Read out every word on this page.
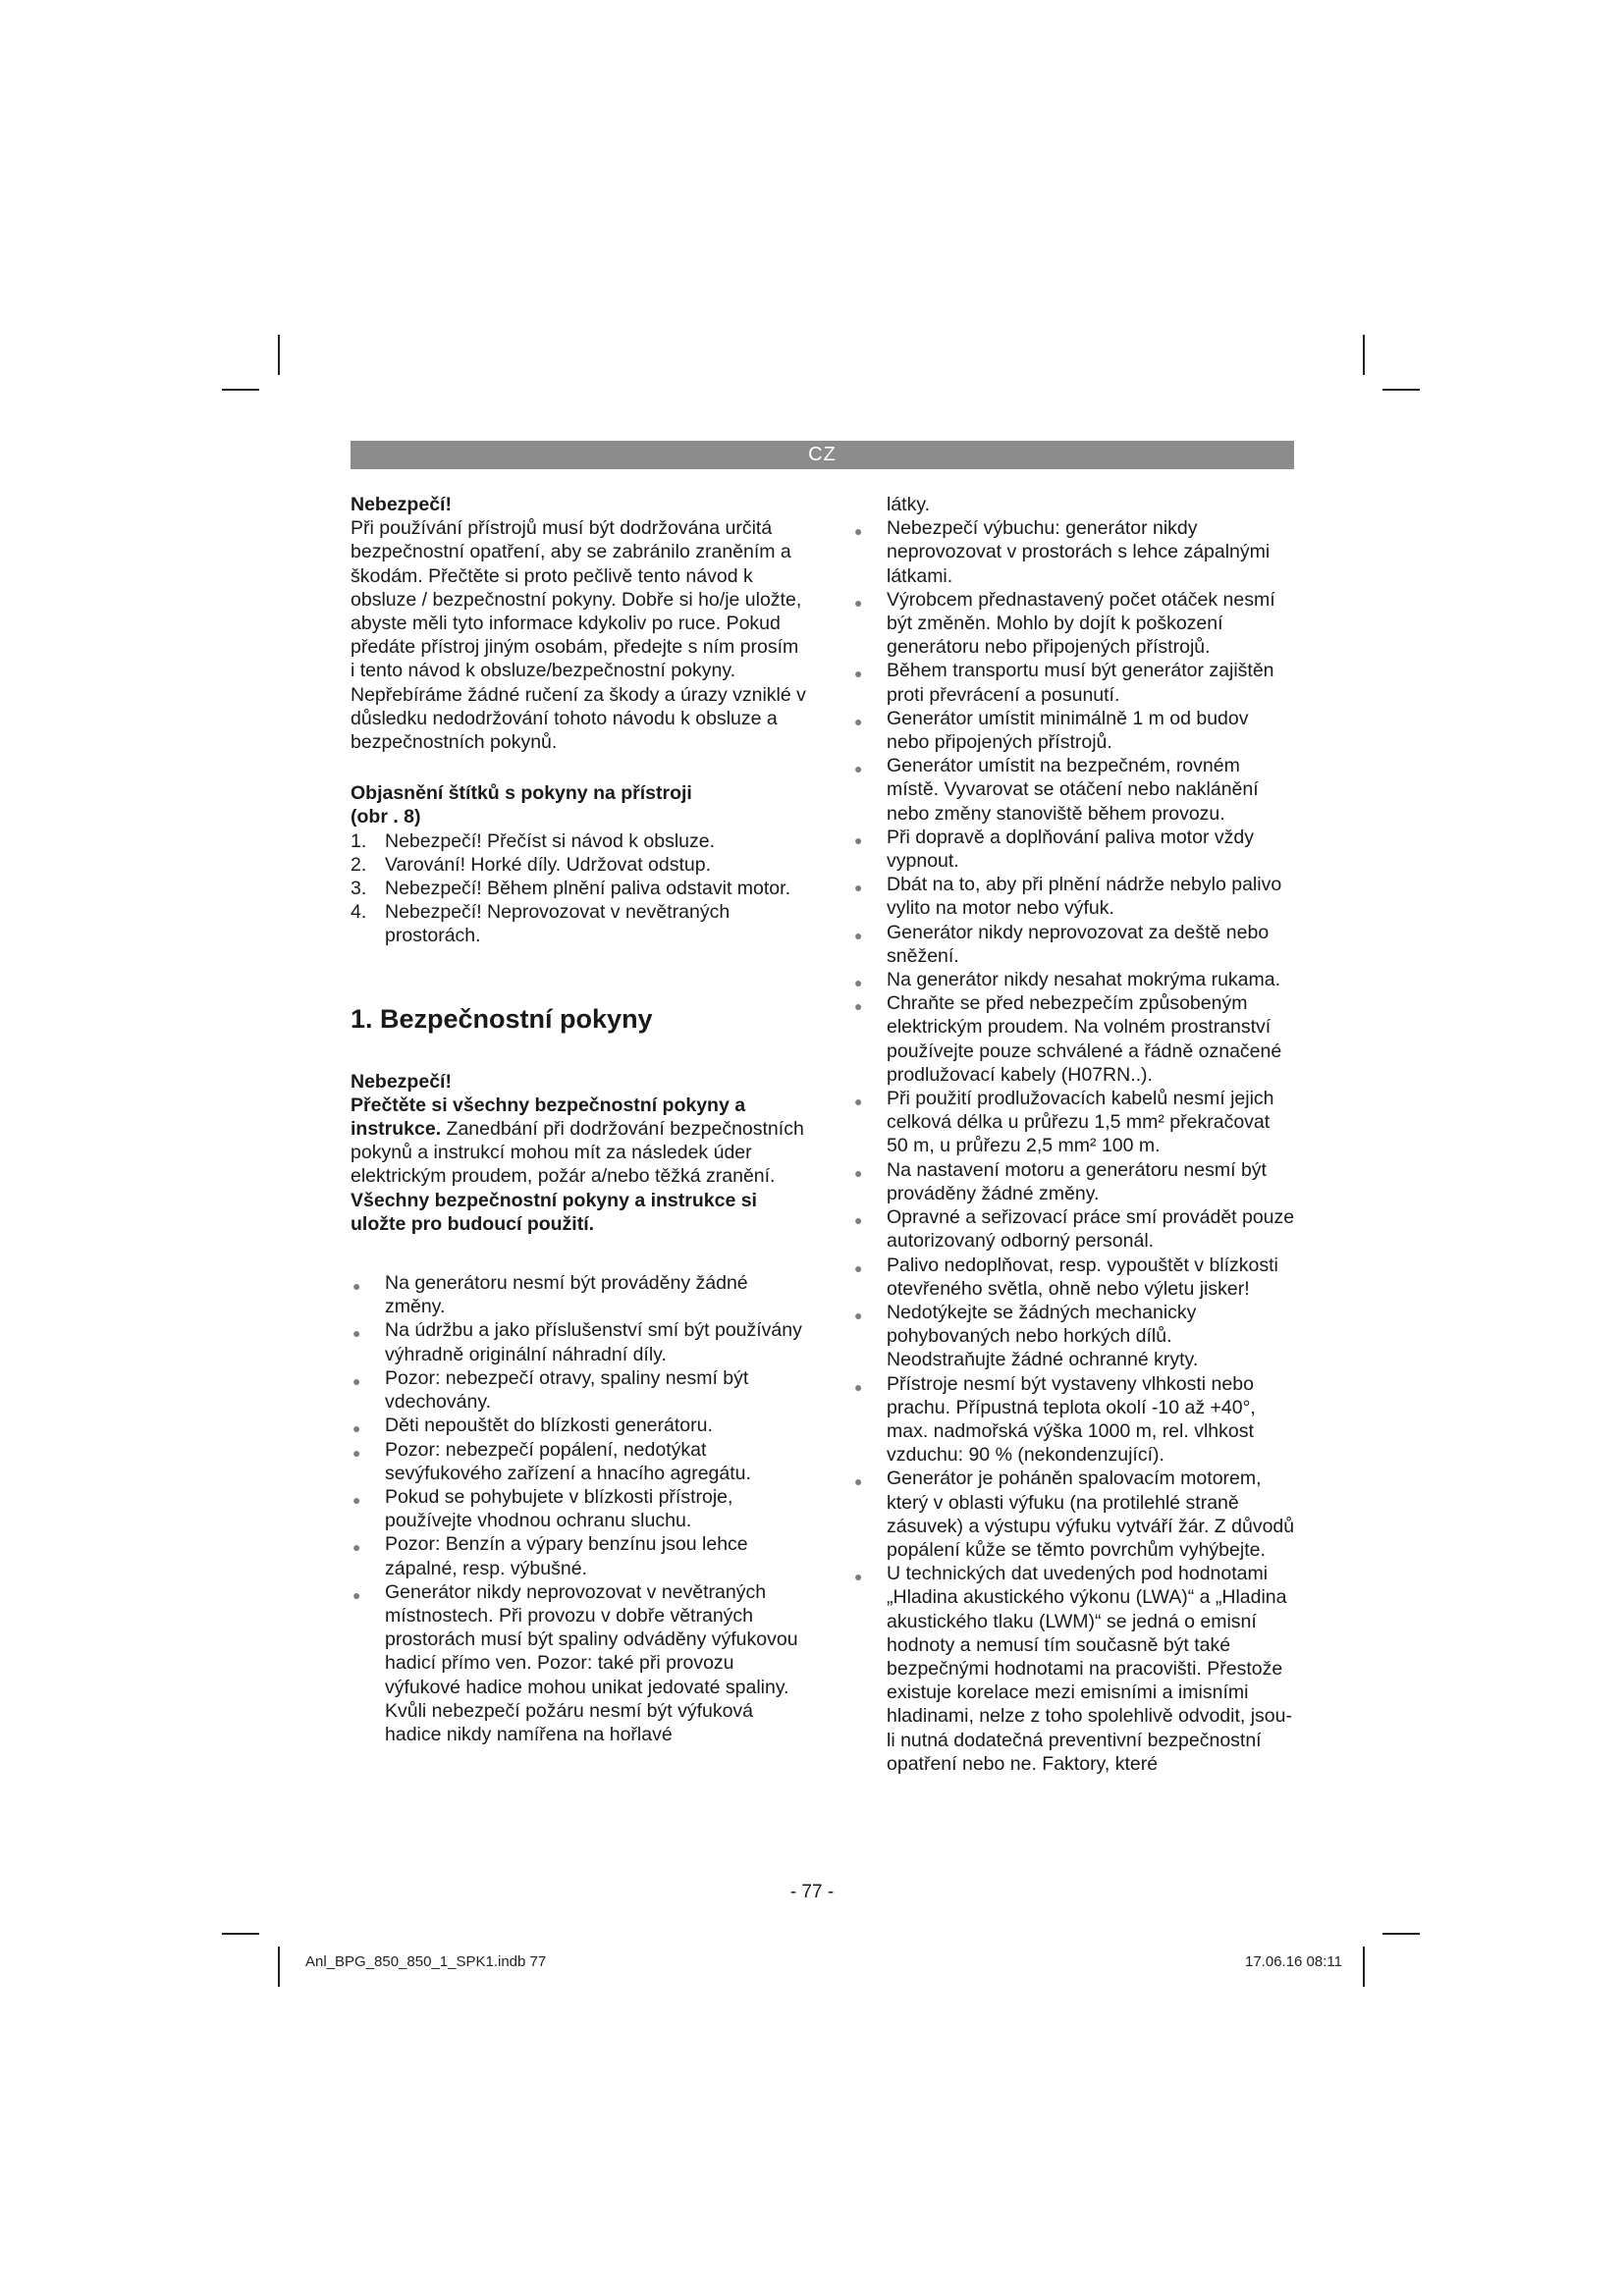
CZ

Nebezpečí!

Při používání přístrojů musí být dodržována určitá bezpečnostní opatření, aby se zabránilo zraněním a škodám. Přečtěte si proto pečlivě tento návod k obsluze / bezpečnostní pokyny. Dobře si ho/je uložte, abyste měli tyto informace kdykoliv po ruce. Pokud předáte přístroj jiným osobám, předejte s ním prosím i tento návod k obsluze/bezpečnostní pokyny. Nepřebíráme žádné ručení za škody a úrazy vzniklé v důsledku nedodržování tohoto návodu k obsluze a bezpečnostních pokynů.

Objasnění štítků s pokyny na přístroji
(obr . 8)

1. Nebezpečí! Přečíst si návod k obsluze.
2. Varování! Horké díly. Udržovat odstup.
3. Nebezpečí! Během plnění paliva odstavit motor.
4. Nebezpečí! Neprovozovat v nevětraných prostorách.

1. Bezpečnostní pokyny

Nebezpečí!

Přečtěte si všechny bezpečnostní pokyny a instrukce. Zanedbání při dodržování bezpečnostních pokynů a instrukcí mohou mít za následek úder elektrickým proudem, požár a/nebo těžká zranění. Všechny bezpečnostní pokyny a instrukce si uložte pro budoucí použití.

● Na generátoru nesmí být prováděny žádné změny.
● Na údržbu a jako příslušenství smí být používány výhradně originální náhradní díly.
● Pozor: nebezpečí otravy, spaliny nesmí být vdechovány.
● Děti nepouštět do blízkosti generátoru.
● Pozor: nebezpečí popálení, nedotýkat sevýfukového zařízení a hnacího agregátu.
● Pokud se pohybujete v blízkosti přístroje, používejte vhodnou ochranu sluchu.
● Pozor: Benzín a výpary benzínu jsou lehce zápalné, resp. výbušné.
● Generátor nikdy neprovozovat v nevětraných místnostech. Při provozu v dobře větraných prostorách musí být spaliny odváděny výfukovou hadicí přímo ven. Pozor: také při provozu výfukové hadice mohou unikat jedovaté spaliny. Kvůli nebezpečí požáru nesmí být výfuková hadice nikdy namířena na hořlavé

látky.

● Nebezpečí výbuchu: generátor nikdy neprovozovat v prostorách s lehce zápalnými látkami.
● Výrobcem přednastavený počet otáček nesmí být změněn. Mohlo by dojít k poškození generátoru nebo připojených přístrojů.
● Během transportu musí být generátor zajištěn proti převrácení a posunutí.
● Generátor umístit minimálně 1 m od budov nebo připojených přístrojů.
● Generátor umístit na bezpečném, rovném místě. Vyvarovat se otáčení nebo naklánění nebo změny stanoviště během provozu.
● Při dopravě a doplňování paliva motor vždy vypnout.
● Dbát na to, aby při plnění nádrže nebylo palivo vylito na motor nebo výfuk.
● Generátor nikdy neprovozovat za deště nebo sněžení.
● Na generátor nikdy nesahat mokrýma rukama.
● Chraňte se před nebezpečím způsobeným elektrickým proudem. Na volném prostranství používejte pouze schválené a řádně označené prodlužovací kabely (H07RN..).
● Při použití prodlužovacích kabelů nesmí jejich celková délka u průřezu 1,5 mm² překračovat 50 m, u průřezu 2,5 mm² 100 m.
● Na nastavení motoru a generátoru nesmí být prováděny žádné změny.
● Opravné a seřizovací práce smí provádět pouze autorizovaný odborný personál.
● Palivo nedoplňovat, resp. vypouštět v blízkosti otevřeného světla, ohně nebo výletu jisker!
● Nedotýkejte se žádných mechanicky pohybovaných nebo horkých dílů. Neodstraňujte žádné ochranné kryty.
● Přístroje nesmí být vystaveny vlhkosti nebo prachu. Přípustná teplota okolí -10 až +40°, max. nadmořská výška 1000 m, rel. vlhkost vzduchu: 90 % (nekondenzující).
● Generátor je poháněn spalovacím motorem, který v oblasti výfuku (na protilehlé straně zásuvek) a výstupu výfuku vytváří žár. Z důvodů popálení kůže se těmto povrchům vyhýbejte.
● U technických dat uvedených pod hodnotami „Hladina akustického výkonu (LWA)“ a „Hladina akustického tlaku (LWM)“ se jedná o emisní hodnoty a nemusí tím současně být také bezpečnými hodnotami na pracovišti. Přestože existuje korelace mezi emisními a imisními hladinami, nelze z toho spolehlivě odvodit, jsou-li nutná dodatečná preventivní bezpečnostní opatření nebo ne. Faktory, které
- 77 -
Anl_BPG_850_850_1_SPK1.indb 77	17.06.16 08:11
